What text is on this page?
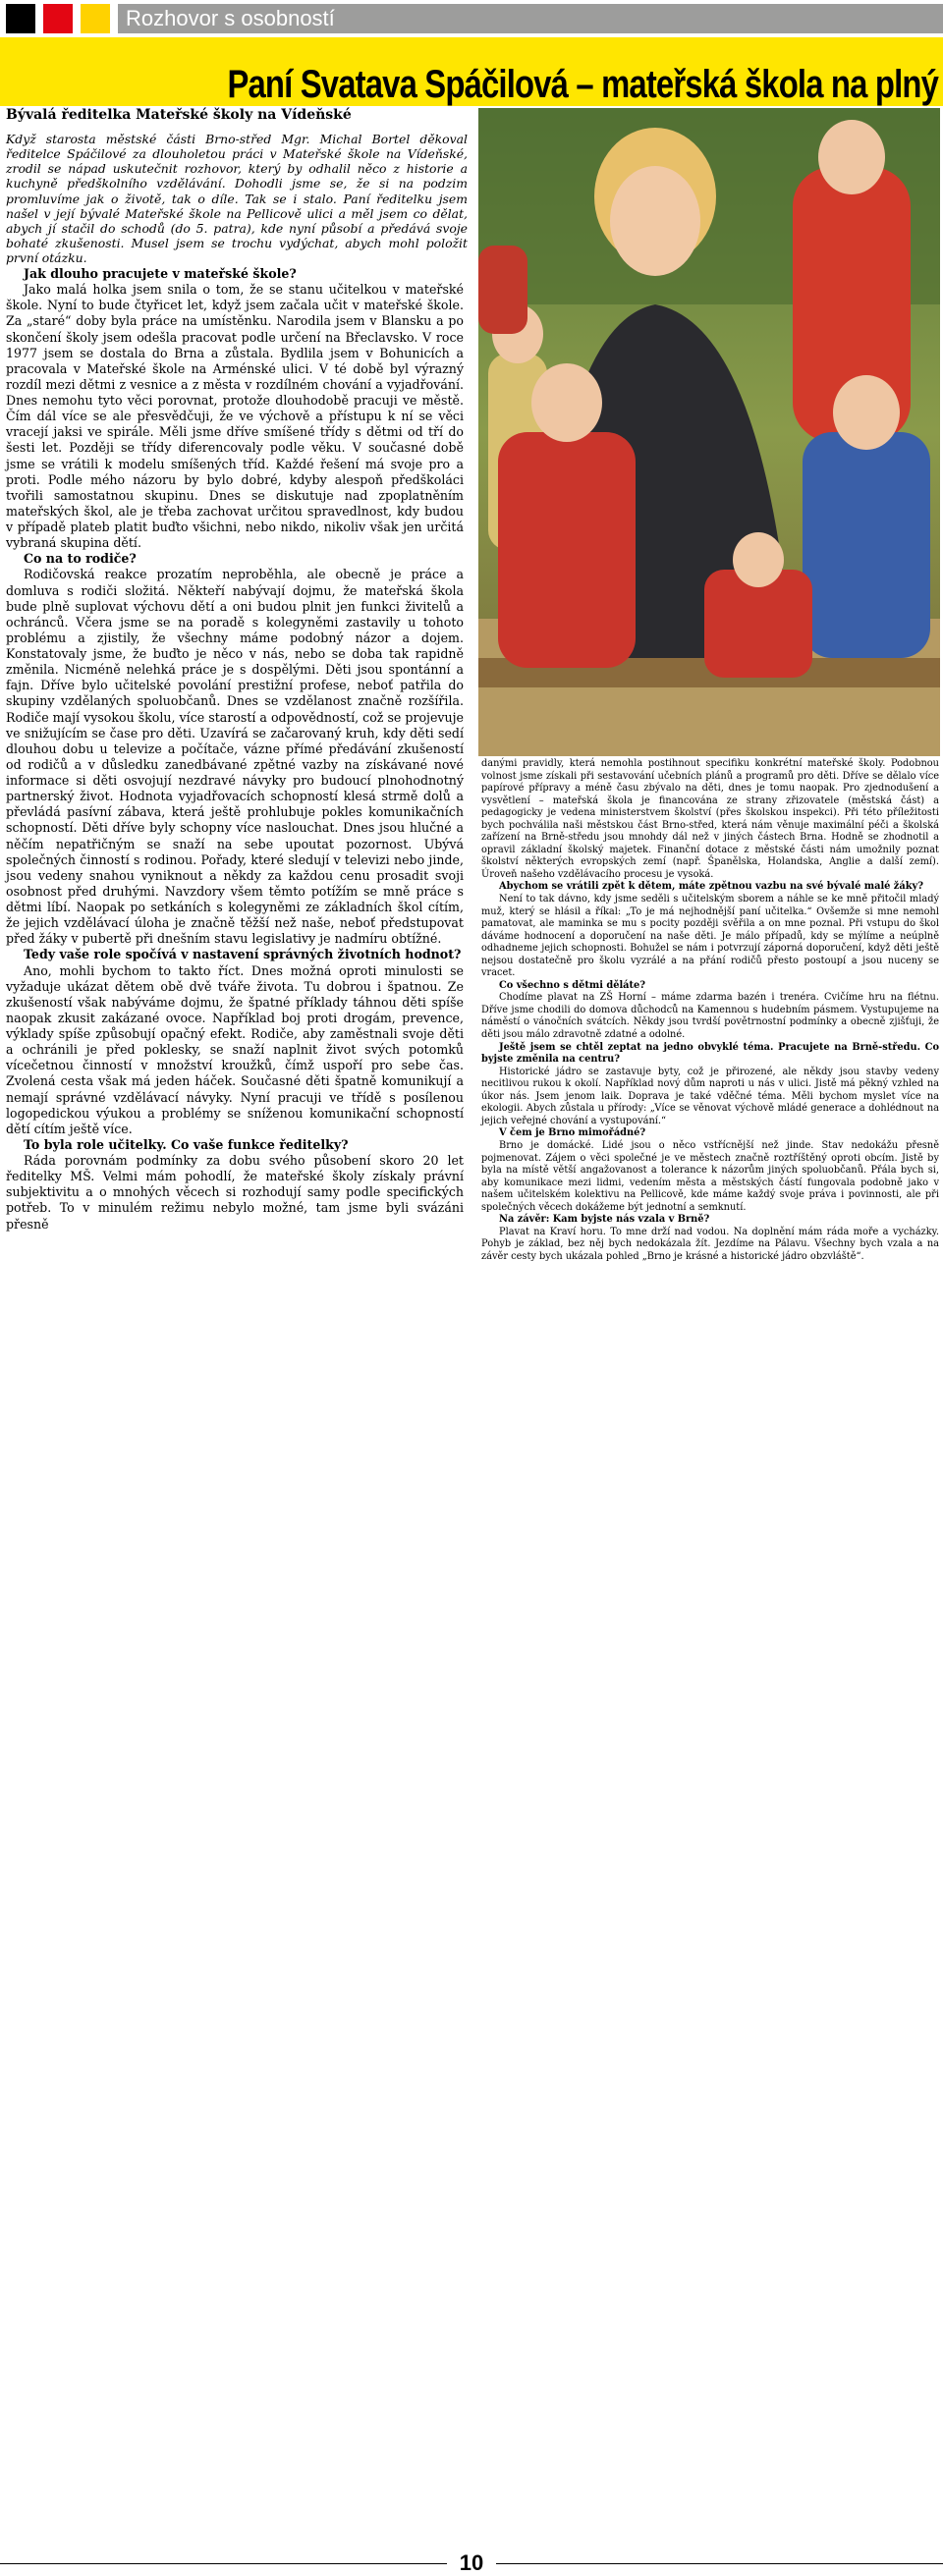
Rozhovor s osobností
Paní Svatava Spáčilová – mateřská škola na plný
Bývalá ředitelka Mateřské školy na Vídeňské
Když starosta městské části Brno-střed Mgr. Michal Bortel děkoval ředitelce Spáčilové za dlouholetou práci v Mateřské škole na Vídeňské, zrodil se nápad uskutečnit rozhovor, který by odhalil něco z historie a kuchyně předškolního vzdělávání. Dohodli jsme se, že si na podzim promluvíme jak o životě, tak o díle. Tak se i stalo. Paní ředitelku jsem našel v její bývalé Mateřské škole na Pellicově ulici a měl jsem co dělat, abych jí stačil do schodů (do 5. patra), kde nyní působí a předává svoje bohaté zkušenosti. Musel jsem se trochu vydýchat, abych mohl položit první otázku.

Jak dlouho pracujete v mateřské škole?

Jako malá holka jsem snila o tom, že se stanu učitelkou v mateřské škole. Nyní to bude čtyřicet let, když jsem začala učit v mateřské škole. Za „staré“ doby byla práce na umístěnku. Narodila jsem v Blansku a po skončení školy jsem odešla pracovat podle určení na Břeclavsko. V roce 1977 jsem se dostala do Brna a zůstala. Bydlila jsem v Bohunicích a pracovala v Mateřské škole na Arménské ulici. V té době byl výrazný rozdíl mezi dětmi z vesnice a z města v rozdílném chování a vyjadřování. Dnes nemohu tyto věci porovnat, protože dlouhodobě pracuji ve městě. Čím dál více se ale přesvědčuji, že ve výchově a přístupu k ní se věci vracejí jaksi ve spirále. Měli jsme dříve smíšené třídy s dětmi od tří do šesti let. Později se třídy diferencovaly podle věku. V současné době jsme se vrátili k modelu smíšených tříd. Každé řešení má svoje pro a proti. Podle mého názoru by bylo dobré, kdyby alespoň předškoláci tvořili samostatnou skupinu. Dnes se diskutuje nad zpoplatněním mateřských škol, ale je třeba zachovat určitou spravedlnost, kdy budou v případě plateb platit buďto všichni, nebo nikdo, nikoliv však jen určitá vybraná skupina dětí.

Co na to rodiče?

Rodičovská reakce prozatím neproběhla, ale obecně je práce a domluva s rodiči složitá. Někteří nabývají dojmu, že mateřská škola bude plně suplovat výchovu dětí a oni budou plnit jen funkci živitelů a ochránců. Včera jsme se na poradě s kolegyněmi zastavily u tohoto problému a zjistily, že všechny máme podobný názor a dojem. Konstatovaly jsme, že buďto je něco v nás, nebo se doba tak rapidně změnila. Nicméně nelehká práce je s dospělými. Děti jsou spontánní a fajn. Dříve bylo učitelské povolání prestižní profese, neboť patřila do skupiny vzdělaných spoluobčanů. Dnes se vzdělanost značně rozšířila. Rodiče mají vysokou školu, více starostí a odpovědností, což se projevuje ve snižujícím se čase pro děti. Uzavírá se začarovaný kruh, kdy děti sedí dlouhou dobu u televize a počítače, vázne přímé předávání zkušeností od rodičů a v důsledku zanedbávané zpětné vazby na získávané nové informace si děti osvojují nezdravé návyky pro budoucí plnohodnotný partnerský život. Hodnota vyjadřovacích schopností klesá strmě dolů a převládá pasívní zábava, která ještě prohlubuje pokles komunikačních schopností. Děti dříve byly schopny více naslouchat. Dnes jsou hlučné a něčím nepatřičným se snaží na sebe upoutat pozornost. Ubývá společných činností s rodinou. Pořady, které sledují v televizi nebo jinde, jsou vedeny snahou vyniknout a někdy za každou cenu prosadit svoji osobnost před druhými. Navzdory všem těmto potížím se mně práce s dětmi líbí. Naopak po setkáních s kolegyněmi ze základních škol cítím, že jejich vzdělávací úloha je značně těžší než naše, neboť předstupovat před žáky v pubertě při dnešním stavu legislativy je nadmíru obtížné.

Tedy vaše role spočívá v nastavení správných životních hodnot?

Ano, mohli bychom to takto říct. Dnes možná oproti minulosti se vyžaduje ukázat dětem obě dvě tváře života. Tu dobrou i špatnou. Ze zkušeností však nabýváme dojmu, že špatné příklady táhnou děti spíše naopak zkusit zakázané ovoce. Například boj proti drogám, prevence, výklady spíše způsobují opačný efekt. Rodiče, aby zaměstnali svoje děti a ochránili je před poklesky, se snaží naplnit život svých potomků vícečetnou činností v množství kroužků, čímž uspoří pro sebe čas. Zvolená cesta však má jeden háček. Současné děti špatně komunikují a nemají správné vzdělávací návyky. Nyní pracuji ve třídě s posílenou logopedickou výukou a problémy se sníženou komunikační schopností dětí cítím ještě více.

To byla role učitelky. Co vaše funkce ředitelky?

Ráda porovnám podmínky za dobu svého působení skoro 20 let ředitelky MŠ. Velmi mám pohodlí, že mateřské školy získaly právní subjektivitu a o mnohých věcech si rozhodují samy podle specifických potřeb. To v minulém režimu nebylo možné, tam jsme byli svázáni přesně

danými pravidly, která nemohla postihnout specifiku konkrétní mateřské školy. Podobnou volnost jsme získali při sestavování učebních plánů a programů pro děti. Dříve se dělalo více papírové přípravy a méně času zbývalo na děti, dnes je tomu naopak. Pro zjednodušení a vysvětlení – mateřská škola je financována ze strany zřizovatele (městská část) a pedagogicky je vedena ministerstvem školství (přes školskou inspekci). Při této příležitosti bych pochválila naši městskou část Brno-střed, která nám věnuje maximální péči a školská zařízení na Brně-středu jsou mnohdy dál než v jiných částech Brna. Hodně se zhodnotil a opravil základní školský majetek. Finanční dotace z městské části nám umožnily poznat školství některých evropských zemí (např. Španělska, Holandska, Anglie a další zemí). Úroveň našeho vzdělávacího procesu je vysoká.

Abychom se vrátili zpět k dětem, máte zpětnou vazbu na své bývalé malé žáky?

Není to tak dávno, kdy jsme seděli s učitelským sborem a náhle se ke mně přitočil mladý muž, který se hlásil a říkal: „To je má nejhodnější paní učitelka.“ Ovšemže si mne nemohl pamatovat, ale maminka se mu s pocity později svěřila a on mne poznal. Při vstupu do škol dáváme hodnocení a doporučení na naše děti. Je málo případů, kdy se mýlíme a neúplně odhadneme jejich schopnosti. Bohužel se nám i potvrzují záporná doporučení, když děti ještě nejsou dostatečně pro školu vyzrálé a na přání rodičů přesto postoupí a jsou nuceny se vracet.

Co všechno s dětmi děláte?

Chodíme plavat na ZŠ Horní – máme zdarma bazén i trenéra. Cvičíme hru na flétnu. Dříve jsme chodili do domova důchodců na Kamennou s hudebním pásmem. Vystupujeme na náměstí o vánočních svátcích. Někdy jsou tvrdší povětrnostní podmínky a obecně zjišťuji, že děti jsou málo zdravotně zdatné a odolné.

Ještě jsem se chtěl zeptat na jedno obvyklé téma. Pracujete na Brně-středu. Co byjste změnila na centru?

Historické jádro se zastavuje byty, což je přirozené, ale někdy jsou stavby vedeny necitlivou rukou k okolí. Například nový dům naproti u nás v ulici. Jistě má pěkný vzhled na úkor nás. Jsem jenom laik. Doprava je také vděčné téma. Měli bychom myslet více na ekologii. Abych zůstala u přírody: „Více se věnovat výchově mládé generace a dohlédnout na jejich veřejné chování a vystupování.“

V čem je Brno mimořádné?

Brno je domácké. Lidé jsou o něco vstřícnější než jinde. Stav nedokážu přesně pojmenovat. Zájem o věci společné je ve městech značně roztříštěný oproti obcím. Jistě by byla na místě větší angažovanost a tolerance k názorům jiných spoluobčanů. Přála bych si, aby komunikace mezi lidmi, vedením města a městských částí fungovala podobně jako v našem učitelském kolektivu na Pellicově, kde máme každý svoje práva i povinnosti, ale při společných věcech dokážeme být jednotní a semknutí.

Na závěr: Kam byjste nás vzala v Brně?

Plavat na Kraví horu. To mne drží nad vodou. Na doplnění mám ráda moře a vycházky. Pohyb je základ, bez něj bych nedokázala žít. Jezdíme na Pálavu. Všechny bych vzala a na závěr cesty bych ukázala pohled „Brno je krásné a historické jádro obzvláště“.

10
